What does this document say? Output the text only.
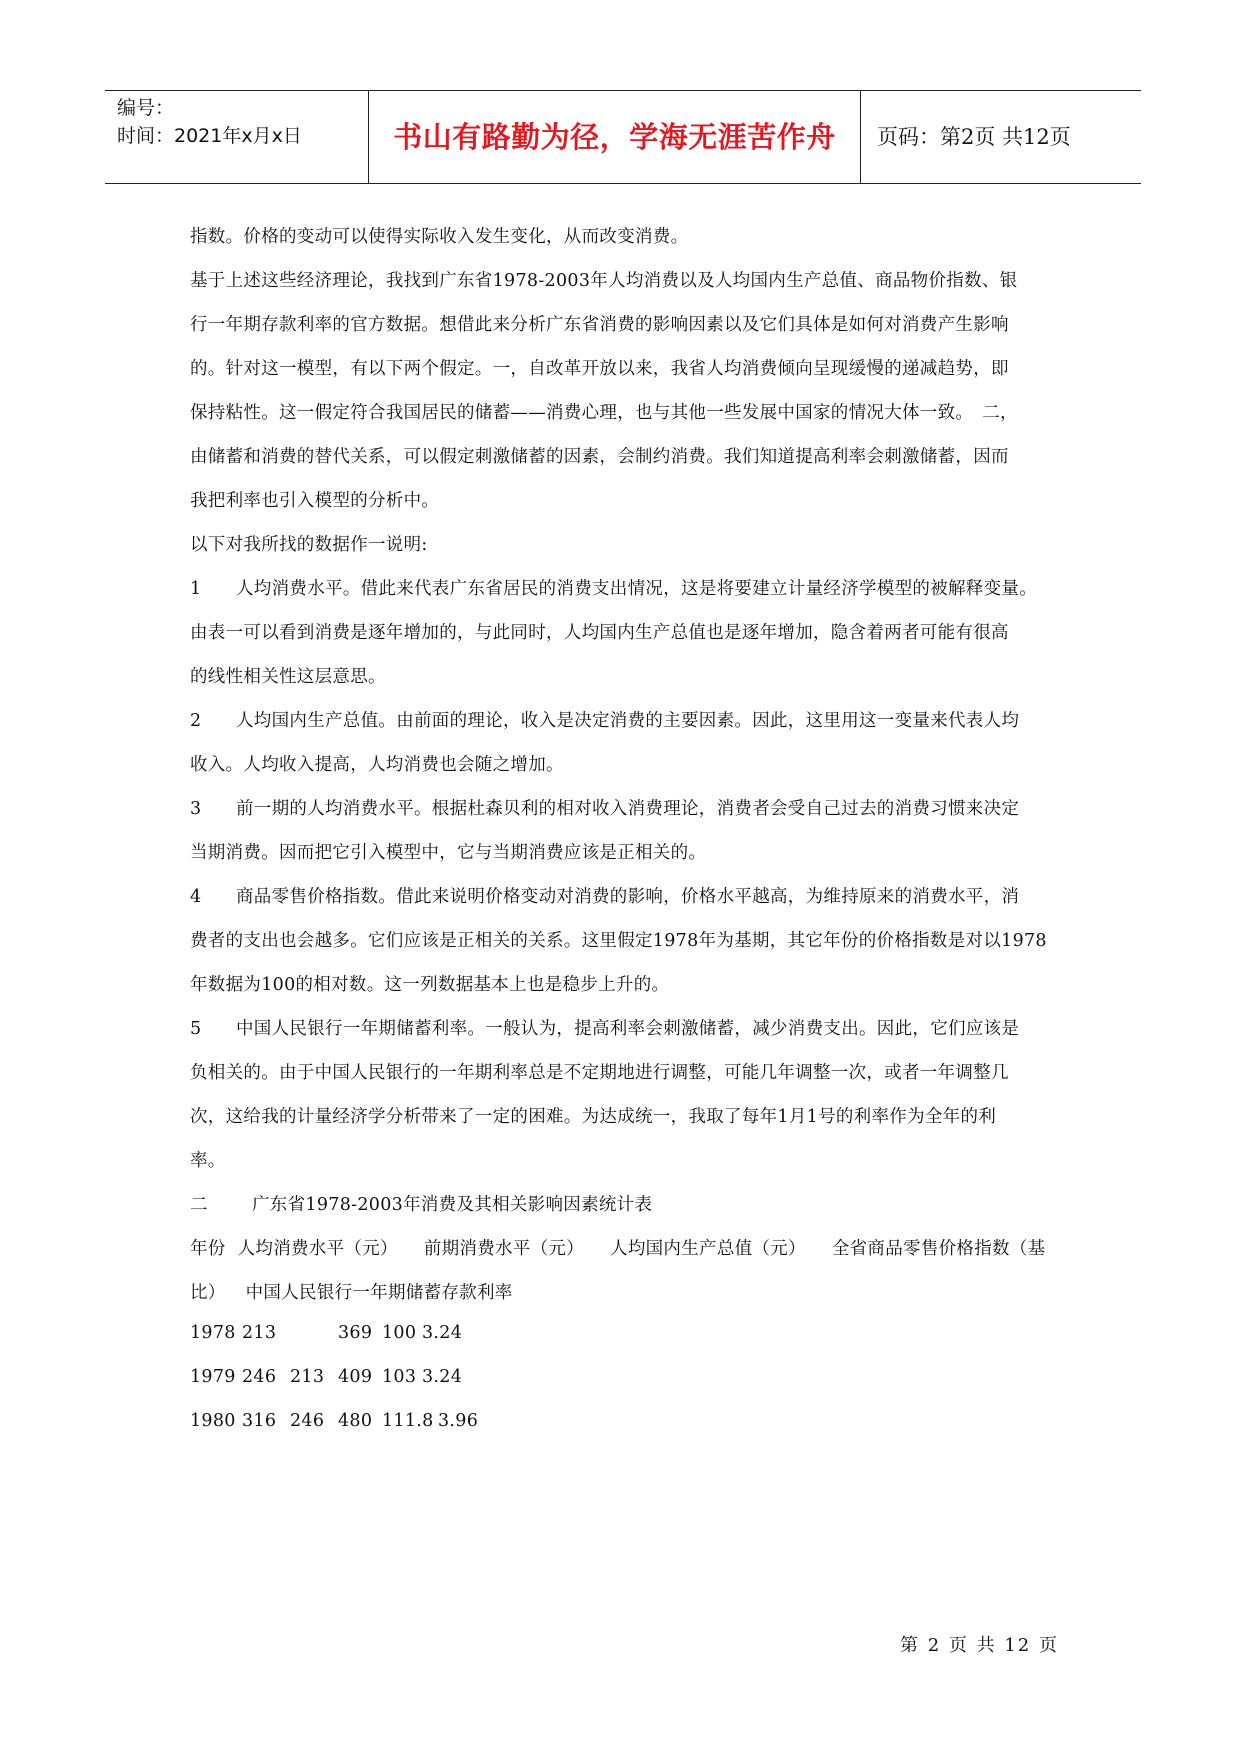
编号：
时间：2021年x月x日	书山有路勤为径，学海无涯苦作舟	页码：第2页 共12页
指数。价格的变动可以使得实际收入发生变化，从而改变消费。
基于上述这些经济理论，我找到广东省1978-2003年人均消费以及人均国内生产总值、商品物价指数、银
行一年期存款利率的官方数据。想借此来分析广东省消费的影响因素以及它们具体是如何对消费产生影响
的。针对这一模型，有以下两个假定。一，自改革开放以来，我省人均消费倾向呈现缓慢的递减趋势，即
保持粘性。这一假定符合我国居民的储蓄——消费心理，也与其他一些发展中国家的情况大体一致。　二，
由储蓄和消费的替代关系，可以假定刺激储蓄的因素，会制约消费。我们知道提高利率会刺激储蓄，因而
我把利率也引入模型的分析中。
以下对我所找的数据作一说明:
1 人均消费水平。借此来代表广东省居民的消费支出情况，这是将要建立计量经济学模型的被解释变量。
由表一可以看到消费是逐年增加的，与此同时，人均国内生产总值也是逐年增加，隐含着两者可能有很高
的线性相关性这层意思。
2 人均国内生产总值。由前面的理论，收入是决定消费的主要因素。因此，这里用这一变量来代表人均
收入。人均收入提高，人均消费也会随之增加。
3 前一期的人均消费水平。根据杜森贝利的相对收入消费理论，消费者会受自己过去的消费习惯来决定
当期消费。因而把它引入模型中，它与当期消费应该是正相关的。
4 商品零售价格指数。借此来说明价格变动对消费的影响，价格水平越高，为维持原来的消费水平，消
费者的支出也会越多。它们应该是正相关的关系。这里假定1978年为基期，其它年份的价格指数是对以1978
年数据为100的相对数。这一列数据基本上也是稳步上升的。
5 中国人民银行一年期储蓄利率。一般认为，提高利率会刺激储蓄，减少消费支出。因此，它们应该是
负相关的。由于中国人民银行的一年期利率总是不定期地进行调整，可能几年调整一次，或者一年调整几
次，这给我的计量经济学分析带来了一定的困难。为达成统一，我取了每年1月1号的利率作为全年的利
率。
二	广东省1978-2003年消费及其相关影响因素统计表
年份 人均消费水平（元） 前期消费水平（元） 人均国内生产总值（元） 全省商品零售价格指数（基
比） 中国人民银行一年期储蓄存款利率
1978 213	369 100 3.24
1979 246 213 409 103 3.24
1980 316 246 480 111.8 3.96
第 2 页 共 12 页
